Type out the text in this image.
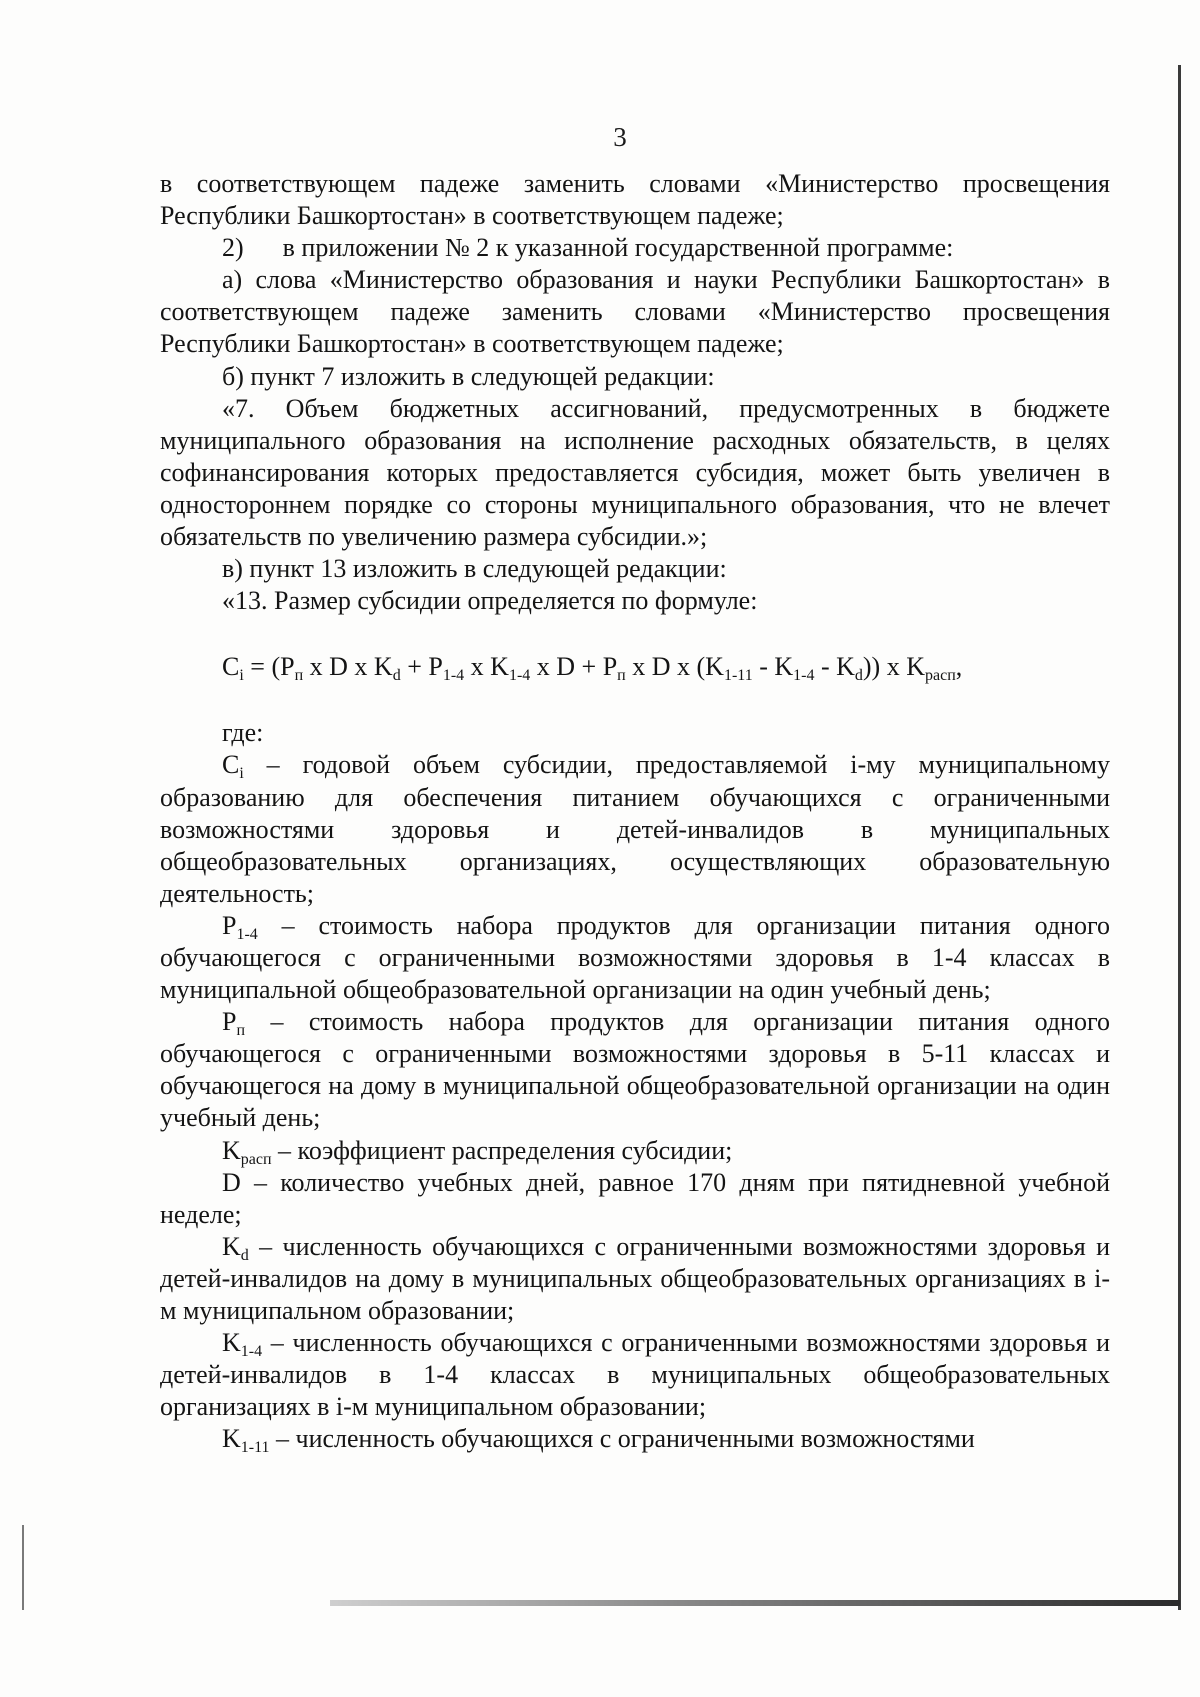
3

в соответствующем падеже заменить словами «Министерство просвещения Республики Башкортостан» в соответствующем падеже;

2)      в приложении № 2 к указанной государственной программе:

а) слова «Министерство образования и науки Республики Башкортостан» в соответствующем падеже заменить словами «Министерство просвещения Республики Башкортостан» в соответствующем падеже;

б) пункт 7 изложить в следующей редакции:

«7. Объем бюджетных ассигнований, предусмотренных в бюджете муниципального образования на исполнение расходных обязательств, в целях софинансирования которых предоставляется субсидия, может быть увеличен в одностороннем порядке со стороны муниципального образования, что не влечет обязательств по увеличению размера субсидии.»;

в) пункт 13 изложить в следующей редакции:

«13. Размер субсидии определяется по формуле:

$C_i = (P_п$ x D x $K_d + P_{1-4}$ x $K_{1-4}$ x $D + P_п$ x D x $(K_{1-11} - K_{1-4} - K_d)$) x $K_{расп}$,

где:

$C_i$ – годовой объем субсидии, предоставляемой i-му муниципальному образованию для обеспечения питанием обучающихся с ограниченными возможностями здоровья и детей-инвалидов в муниципальных общеобразовательных организациях, осуществляющих образовательную деятельность;

$P_{1-4}$ – стоимость набора продуктов для организации питания одного обучающегося с ограниченными возможностями здоровья в 1-4 классах в муниципальной общеобразовательной организации на один учебный день;

$P_п$ – стоимость набора продуктов для организации питания одного обучающегося с ограниченными возможностями здоровья в 5-11 классах и обучающегося на дому в муниципальной общеобразовательной организации на один учебный день;

$K_{расп}$ – коэффициент распределения субсидии;

D – количество учебных дней, равное 170 дням при пятидневной учебной неделе;

$K_d$ – численность обучающихся с ограниченными возможностями здоровья и детей-инвалидов на дому в муниципальных общеобразовательных организациях в i-м муниципальном образовании;

$K_{1-4}$ – численность обучающихся с ограниченными возможностями здоровья и детей-инвалидов в 1-4 классах в муниципальных общеобразовательных организациях в i-м муниципальном образовании;

$K_{1-11}$ – численность обучающихся с ограниченными возможностями
